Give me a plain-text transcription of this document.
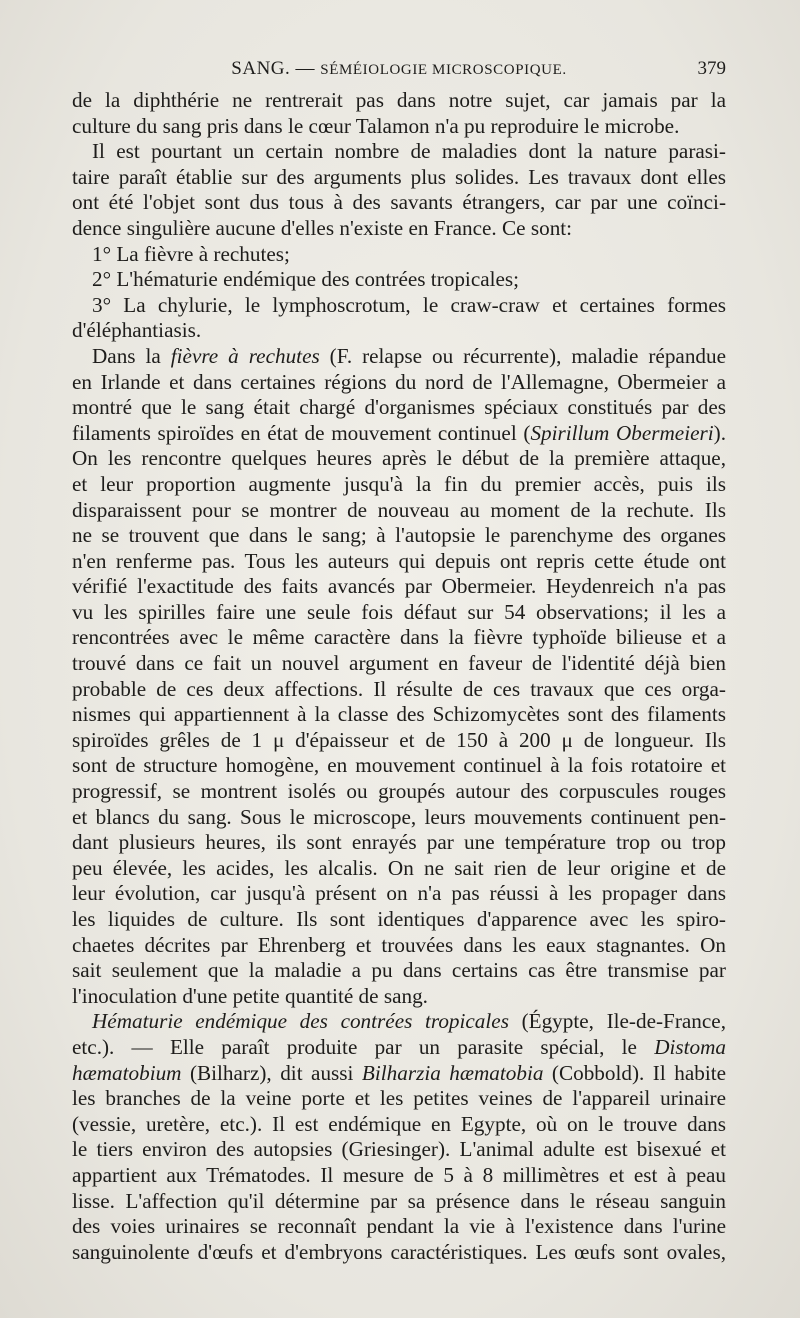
SANG. — SÉMÉIOLOGIE MICROSCOPIQUE.	379
de la diphthérie ne rentrerait pas dans notre sujet, car jamais par la
culture du sang pris dans le cœur Talamon n'a pu reproduire le microbe.
Il est pourtant un certain nombre de maladies dont la nature parasi-
taire paraît établie sur des arguments plus solides. Les travaux dont elles
ont été l'objet sont dus tous à des savants étrangers, car par une coïnci-
dence singulière aucune d'elles n'existe en France. Ce sont:
1° La fièvre à rechutes;
2° L'hématurie endémique des contrées tropicales;
3° La chylurie, le lymphoscrotum, le craw-craw et certaines formes
d'éléphantiasis.
Dans la fièvre à rechutes (F. relapse ou récurrente), maladie répandue
en Irlande et dans certaines régions du nord de l'Allemagne, Obermeier a
montré que le sang était chargé d'organismes spéciaux constitués par des
filaments spiroïdes en état de mouvement continuel (Spirillum Obermeieri).
On les rencontre quelques heures après le début de la première attaque,
et leur proportion augmente jusqu'à la fin du premier accès, puis ils
disparaissent pour se montrer de nouveau au moment de la rechute. Ils
ne se trouvent que dans le sang; à l'autopsie le parenchyme des organes
n'en renferme pas. Tous les auteurs qui depuis ont repris cette étude ont
vérifié l'exactitude des faits avancés par Obermeier. Heydenreich n'a pas
vu les spirilles faire une seule fois défaut sur 54 observations; il les a
rencontrées avec le même caractère dans la fièvre typhoïde bilieuse et a
trouvé dans ce fait un nouvel argument en faveur de l'identité déjà bien
probable de ces deux affections. Il résulte de ces travaux que ces orga-
nismes qui appartiennent à la classe des Schizomycètes sont des filaments
spiroïdes grêles de 1 μ d'épaisseur et de 150 à 200 μ de longueur. Ils
sont de structure homogène, en mouvement continuel à la fois rotatoire et
progressif, se montrent isolés ou groupés autour des corpuscules rouges
et blancs du sang. Sous le microscope, leurs mouvements continuent pen-
dant plusieurs heures, ils sont enrayés par une température trop ou trop
peu élevée, les acides, les alcalis. On ne sait rien de leur origine et de
leur évolution, car jusqu'à présent on n'a pas réussi à les propager dans
les liquides de culture. Ils sont identiques d'apparence avec les spiro-
chaetes décrites par Ehrenberg et trouvées dans les eaux stagnantes. On
sait seulement que la maladie a pu dans certains cas être transmise par
l'inoculation d'une petite quantité de sang.
Hématurie endémique des contrées tropicales (Égypte, Ile-de-France,
etc.). — Elle paraît produite par un parasite spécial, le Distoma
hæmatobium (Bilharz), dit aussi Bilharzia hæmatobia (Cobbold). Il habite
les branches de la veine porte et les petites veines de l'appareil urinaire
(vessie, uretère, etc.). Il est endémique en Egypte, où on le trouve dans
le tiers environ des autopsies (Griesinger). L'animal adulte est bisexué et
appartient aux Trématodes. Il mesure de 5 à 8 millimètres et est à peau
lisse. L'affection qu'il détermine par sa présence dans le réseau sanguin
des voies urinaires se reconnaît pendant la vie à l'existence dans l'urine
sanguinolente d'œufs et d'embryons caractéristiques. Les œufs sont ovales,
